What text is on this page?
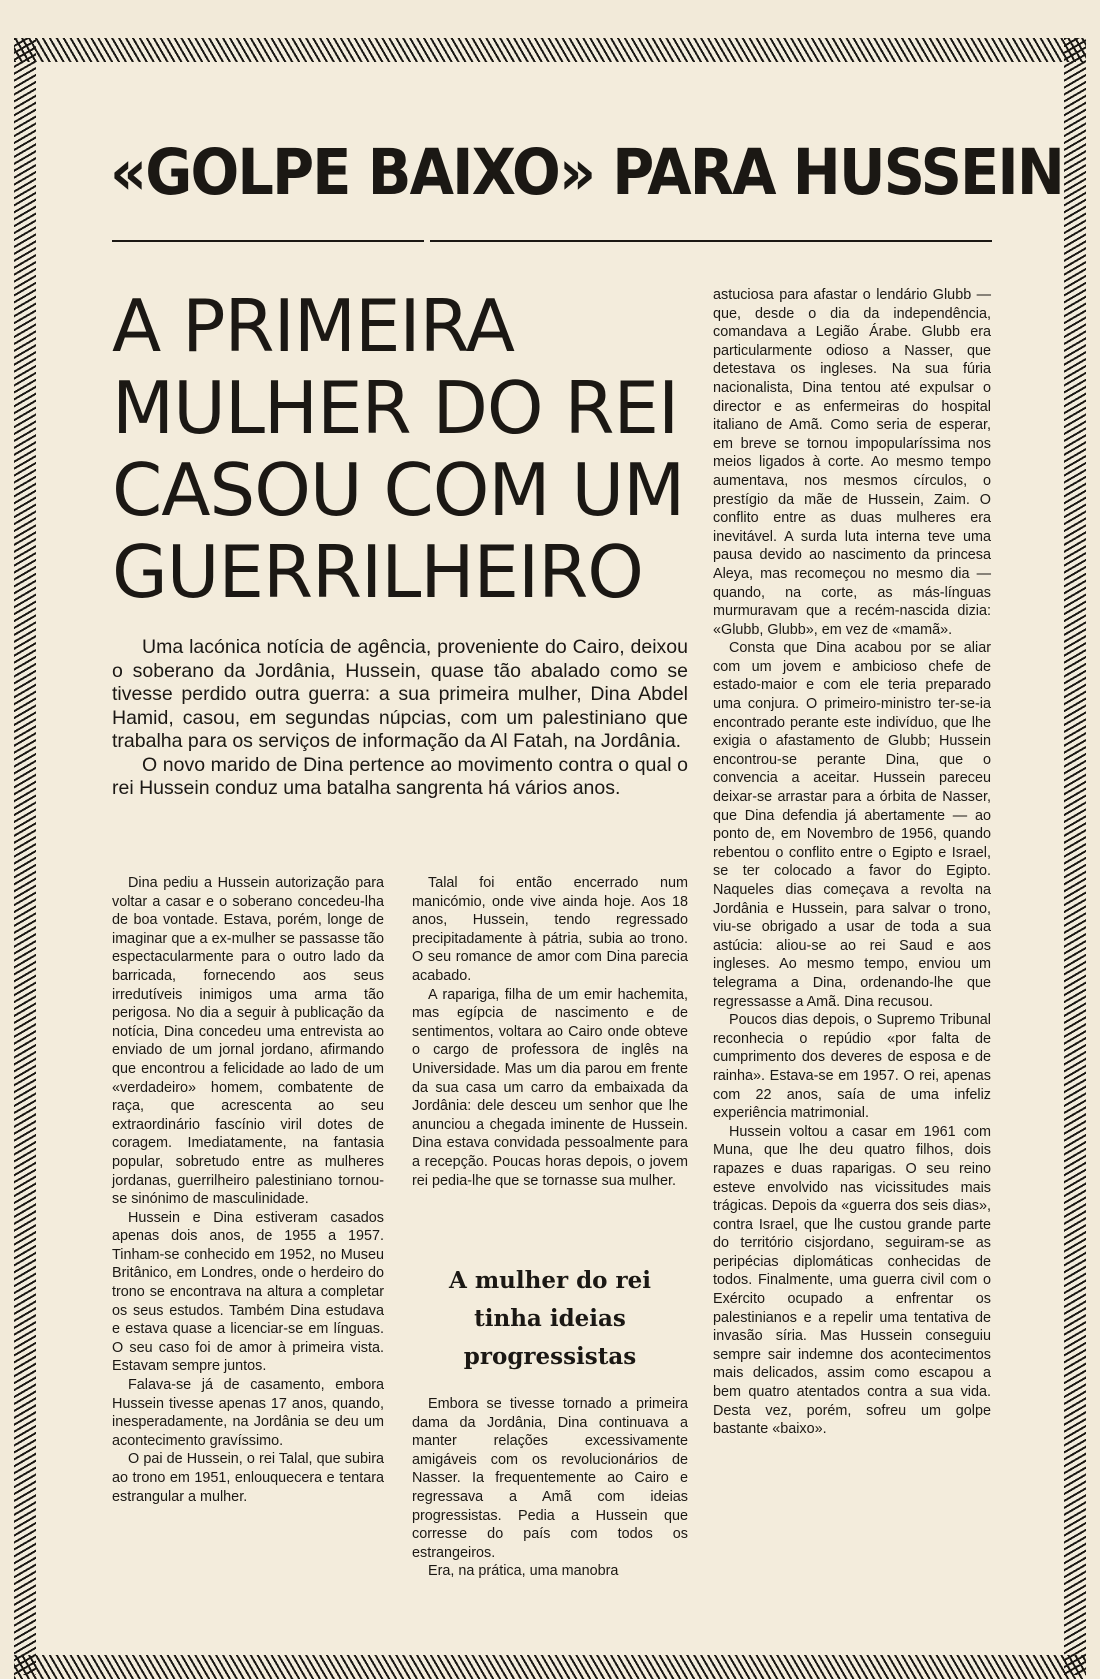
«GOLPE BAIXO» PARA HUSSEIN
A PRIMEIRA MULHER DO REI CASOU COM UM GUERRILHEIRO

Uma lacónica notícia de agência, proveniente do Cairo, deixou o soberano da Jordânia, Hussein, quase tão abalado como se tivesse perdido outra guerra: a sua primeira mulher, Dina Abdel Hamid, casou, em segundas núpcias, com um palestiniano que trabalha para os serviços de informação da Al Fatah, na Jordânia.

O novo marido de Dina pertence ao movimento contra o qual o rei Hussein conduz uma batalha sangrenta há vários anos.

Dina pediu a Hussein autorização para voltar a casar e o soberano concedeu-lha de boa vontade. Estava, porém, longe de imaginar que a ex-mulher se passasse tão espectacularmente para o outro lado da barricada, fornecendo aos seus irredutíveis inimigos uma arma tão perigosa. No dia a seguir à publicação da notícia, Dina concedeu uma entrevista ao enviado de um jornal jordano, afirmando que encontrou a felicidade ao lado de um «verdadeiro» homem, combatente de raça, que acrescenta ao seu extraordinário fascínio viril dotes de coragem. Imediatamente, na fantasia popular, sobretudo entre as mulheres jordanas, guerrilheiro palestiniano tornou-se sinónimo de masculinidade.

Hussein e Dina estiveram casados apenas dois anos, de 1955 a 1957. Tinham-se conhecido em 1952, no Museu Britânico, em Londres, onde o herdeiro do trono se encontrava na altura a completar os seus estudos. Também Dina estudava e estava quase a licenciar-se em línguas. O seu caso foi de amor à primeira vista. Estavam sempre juntos.

Falava-se já de casamento, embora Hussein tivesse apenas 17 anos, quando, inesperadamente, na Jordânia se deu um acontecimento gravíssimo.

O pai de Hussein, o rei Talal, que subira ao trono em 1951, enlouquecera e tentara estrangular a mulher.

Talal foi então encerrado num manicómio, onde vive ainda hoje. Aos 18 anos, Hussein, tendo regressado precipitadamente à pátria, subia ao trono. O seu romance de amor com Dina parecia acabado.

A rapariga, filha de um emir hachemita, mas egípcia de nascimento e de sentimentos, voltara ao Cairo onde obteve o cargo de professora de inglês na Universidade. Mas um dia parou em frente da sua casa um carro da embaixada da Jordânia: dele desceu um senhor que lhe anunciou a chegada iminente de Hussein. Dina estava convidada pessoalmente para a recepção. Poucas horas depois, o jovem rei pedia-lhe que se tornasse sua mulher.

A mulher do rei tinha ideias progressistas

Embora se tivesse tornado a primeira dama da Jordânia, Dina continuava a manter relações excessivamente amigáveis com os revolucionários de Nasser. Ia frequentemente ao Cairo e regressava a Amã com ideias progressistas. Pedia a Hussein que corresse do país com todos os estrangeiros.

Era, na prática, uma manobra

astuciosa para afastar o lendário Glubb — que, desde o dia da independência, comandava a Legião Árabe. Glubb era particularmente odioso a Nasser, que detestava os ingleses. Na sua fúria nacionalista, Dina tentou até expulsar o director e as enfermeiras do hospital italiano de Amã. Como seria de esperar, em breve se tornou impopularíssima nos meios ligados à corte. Ao mesmo tempo aumentava, nos mesmos círculos, o prestígio da mãe de Hussein, Zaim. O conflito entre as duas mulheres era inevitável. A surda luta interna teve uma pausa devido ao nascimento da princesa Aleya, mas recomeçou no mesmo dia — quando, na corte, as más-línguas murmuravam que a recém-nascida dizia: «Glubb, Glubb», em vez de «mamã».

Consta que Dina acabou por se aliar com um jovem e ambicioso chefe de estado-maior e com ele teria preparado uma conjura. O primeiro-ministro ter-se-ia encontrado perante este indivíduo, que lhe exigia o afastamento de Glubb; Hussein encontrou-se perante Dina, que o convencia a aceitar. Hussein pareceu deixar-se arrastar para a órbita de Nasser, que Dina defendia já abertamente — ao ponto de, em Novembro de 1956, quando rebentou o conflito entre o Egipto e Israel, se ter colocado a favor do Egipto. Naqueles dias começava a revolta na Jordânia e Hussein, para salvar o trono, viu-se obrigado a usar de toda a sua astúcia: aliou-se ao rei Saud e aos ingleses. Ao mesmo tempo, enviou um telegrama a Dina, ordenando-lhe que regressasse a Amã. Dina recusou.

Poucos dias depois, o Supremo Tribunal reconhecia o repúdio «por falta de cumprimento dos deveres de esposa e de rainha». Estava-se em 1957. O rei, apenas com 22 anos, saía de uma infeliz experiência matrimonial.

Hussein voltou a casar em 1961 com Muna, que lhe deu quatro filhos, dois rapazes e duas raparigas. O seu reino esteve envolvido nas vicissitudes mais trágicas. Depois da «guerra dos seis dias», contra Israel, que lhe custou grande parte do território cisjordano, seguiram-se as peripécias diplomáticas conhecidas de todos. Finalmente, uma guerra civil com o Exército ocupado a enfrentar os palestinianos e a repelir uma tentativa de invasão síria. Mas Hussein conseguiu sempre sair indemne dos acontecimentos mais delicados, assim como escapou a bem quatro atentados contra a sua vida. Desta vez, porém, sofreu um golpe bastante «baixo».
